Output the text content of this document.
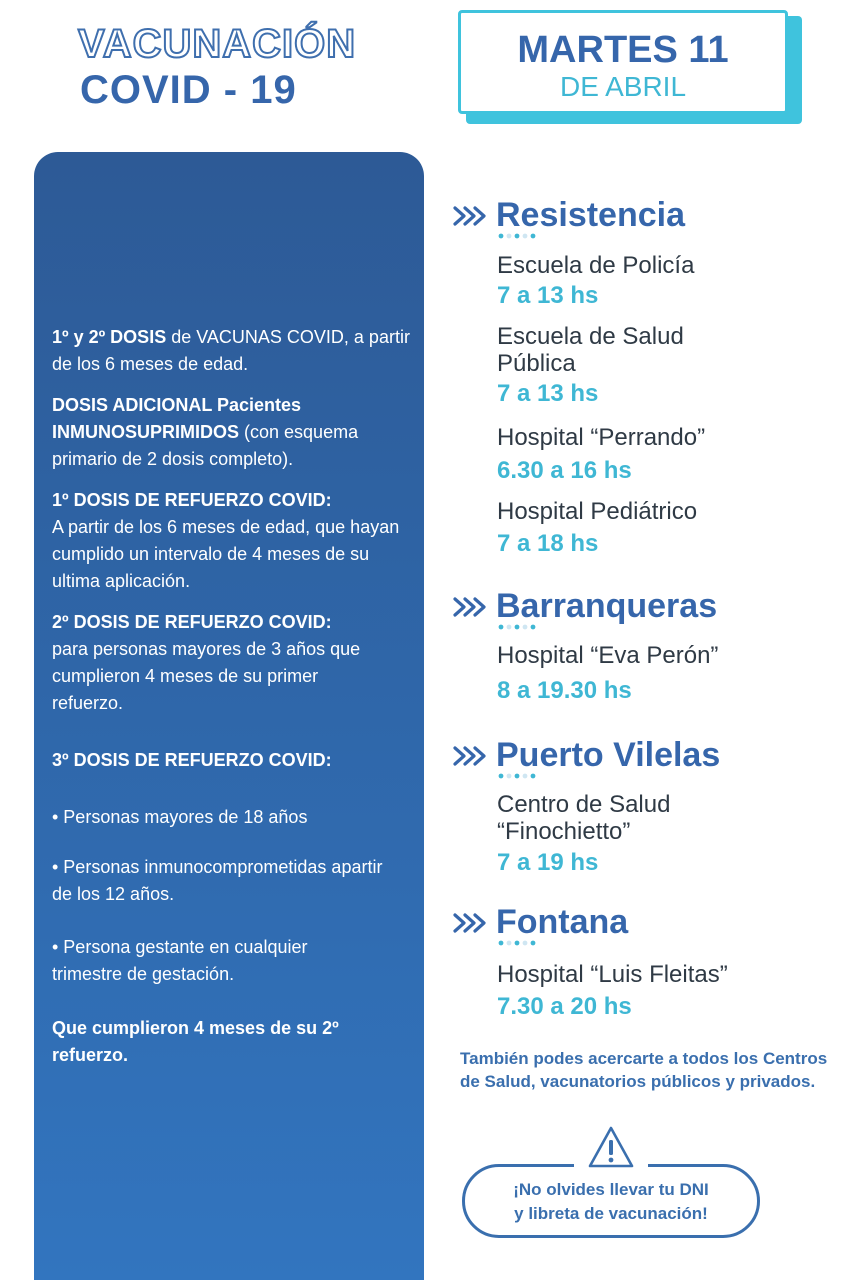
VACUNACIÓN
COVID - 19
MARTES 11
DE ABRIL

1º y 2º DOSIS de VACUNAS COVID, a partir de los 6 meses de edad.

DOSIS ADICIONAL Pacientes INMUNOSUPRIMIDOS (con esquema primario de 2 dosis completo).

1º DOSIS DE REFUERZO COVID:

A partir de los 6 meses de edad, que hayan cumplido un intervalo de 4 meses de su ultima aplicación.

2º DOSIS DE REFUERZO COVID:

para personas mayores de 3 años que cumplieron 4 meses de su primer refuerzo.

3º DOSIS DE REFUERZO COVID:

• Personas mayores de 18 años

• Personas inmunocomprometidas apartir de los 12 años.

• Persona gestante en cualquier trimestre de gestación.

Que cumplieron 4 meses de su 2º refuerzo.

Resistencia
Escuela de Policía
7 a 13 hs
Escuela de Salud
Pública
7 a 13 hs
Hospital “Perrando”
6.30 a 16 hs
Hospital Pediátrico
7 a 18 hs
Barranqueras
Hospital “Eva Perón”
8 a 19.30 hs
Puerto Vilelas
Centro de Salud
“Finochietto”
7 a 19 hs
Fontana
Hospital “Luis Fleitas”
7.30 a 20 hs
También podes acercarte a todos los Centros de Salud, vacunatorios públicos y privados.
¡No olvides llevar tu DNI
y libreta de vacunación!
